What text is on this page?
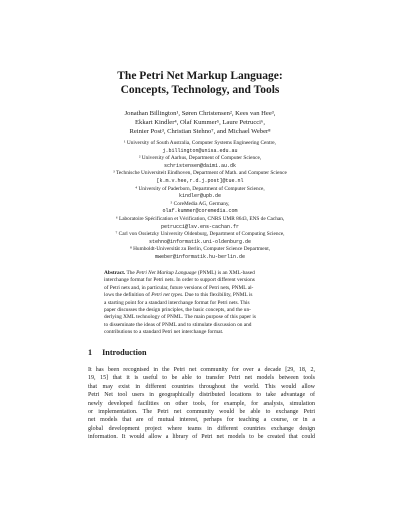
The Petri Net Markup Language:
Concepts, Technology, and Tools
Jonathan Billington¹, Søren Christensen², Kees van Hee³,
Ekkart Kindler⁴, Olaf Kummer⁵, Laure Petrucci⁶,
Reinier Post³, Christian Stehno⁷, and Michael Weber⁸
¹ University of South Australia, Computer Systems Engineering Centre,
j.billington@unisa.edu.au
² University of Aarhus, Department of Computer Science,
schristensen@daimi.au.dk
³ Technische Universiteit Eindhoven, Department of Math. and Computer Science
[k.m.v.hee,r.d.j.post]@tue.nl
⁴ University of Paderborn, Department of Computer Science,
kindler@upb.de
⁵ CoreMedia AG, Germany,
olaf.kummer@coremedia.com
⁶ Laboratoire Spécification et Vérification, CNRS UMR 8643, ENS de Cachan,
petrucci@lsv.ens-cachan.fr
⁷ Carl von Ossietzky University Oldenburg, Department of Computing Science,
stehno@informatik.uni-oldenburg.de
⁸ Humboldt-Universität zu Berlin, Computer Science Department,
mweber@informatik.hu-berlin.de
Abstract. The Petri Net Markup Language (PNML) is an XML-based
interchange format for Petri nets. In order to support different versions
of Petri nets and, in particular, future versions of Petri nets, PNML al-
lows the definition of Petri net types. Due to this flexibility, PNML is
a starting point for a standard interchange format for Petri nets. This
paper discusses the design principles, the basic concepts, and the un-
derlying XML technology of PNML. The main purpose of this paper is
to disseminate the ideas of PNML and to stimulate discussion on and
contributions to a standard Petri net interchange format.
1 Introduction
It has been recognised in the Petri net community for over a decade [29, 18, 2,
19, 15] that it is useful to be able to transfer Petri net models between tools
that may exist in different countries throughout the world. This would allow
Petri Net tool users in geographically distributed locations to take advantage of
newly developed facilities on other tools, for example, for analysis, simulation
or implementation. The Petri net community would be able to exchange Petri
net models that are of mutual interest, perhaps for teaching a course, or in a
global development project where teams in different countries exchange design
information. It would allow a library of Petri net models to be created that could
